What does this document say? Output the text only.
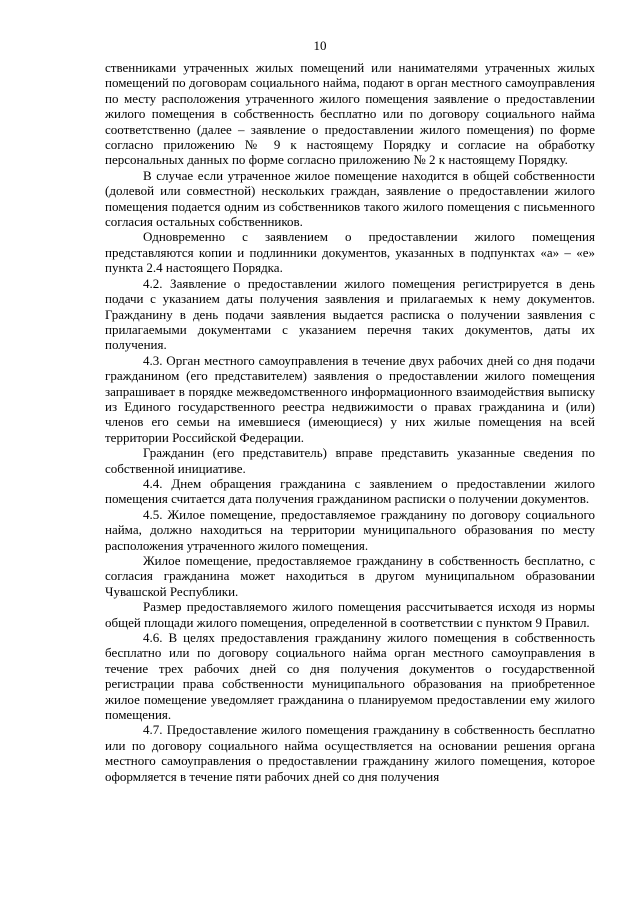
10

ственниками утраченных жилых помещений или нанимателями утраченных жилых помещений по договорам социального найма, подают в орган местного самоуправления по месту расположения утраченного жилого помещения заявление о предоставлении жилого помещения в собственность бесплатно или по договору социального найма соответственно (далее – заявление о предоставлении жилого помещения) по форме согласно приложению № 9 к настоящему Порядку и согласие на обработку персональных данных по форме согласно приложению № 2 к настоящему Порядку.

В случае если утраченное жилое помещение находится в общей собственности (долевой или совместной) нескольких граждан, заявление о предоставлении жилого помещения подается одним из собственников такого жилого помещения с письменного согласия остальных собственников.

Одновременно с заявлением о предоставлении жилого помещения представляются копии и подлинники документов, указанных в подпунктах «а» – «е» пункта 2.4 настоящего Порядка.

4.2. Заявление о предоставлении жилого помещения регистрируется в день подачи с указанием даты получения заявления и прилагаемых к нему документов. Гражданину в день подачи заявления выдается расписка о получении заявления с прилагаемыми документами с указанием перечня таких документов, даты их получения.

4.3. Орган местного самоуправления в течение двух рабочих дней со дня подачи гражданином (его представителем) заявления о предоставлении жилого помещения запрашивает в порядке межведомственного информационного взаимодействия выписку из Единого государственного реестра недвижимости о правах гражданина и (или) членов его семьи на имевшиеся (имеющиеся) у них жилые помещения на всей территории Российской Федерации.

Гражданин (его представитель) вправе представить указанные сведения по собственной инициативе.

4.4. Днем обращения гражданина с заявлением о предоставлении жилого помещения считается дата получения гражданином расписки о получении документов.

4.5. Жилое помещение, предоставляемое гражданину по договору социального найма, должно находиться на территории муниципального образования по месту расположения утраченного жилого помещения.

Жилое помещение, предоставляемое гражданину в собственность бесплатно, с согласия гражданина может находиться в другом муниципальном образовании Чувашской Республики.

Размер предоставляемого жилого помещения рассчитывается исходя из нормы общей площади жилого помещения, определенной в соответствии с пунктом 9 Правил.

4.6. В целях предоставления гражданину жилого помещения в собственность бесплатно или по договору социального найма орган местного самоуправления в течение трех рабочих дней со дня получения документов о государственной регистрации права собственности муниципального образования на приобретенное жилое помещение уведомляет гражданина о планируемом предоставлении ему жилого помещения.

4.7. Предоставление жилого помещения гражданину в собственность бесплатно или по договору социального найма осуществляется на основании решения органа местного самоуправления о предоставлении гражданину жилого помещения, которое оформляется в течение пяти рабочих дней со дня получения
